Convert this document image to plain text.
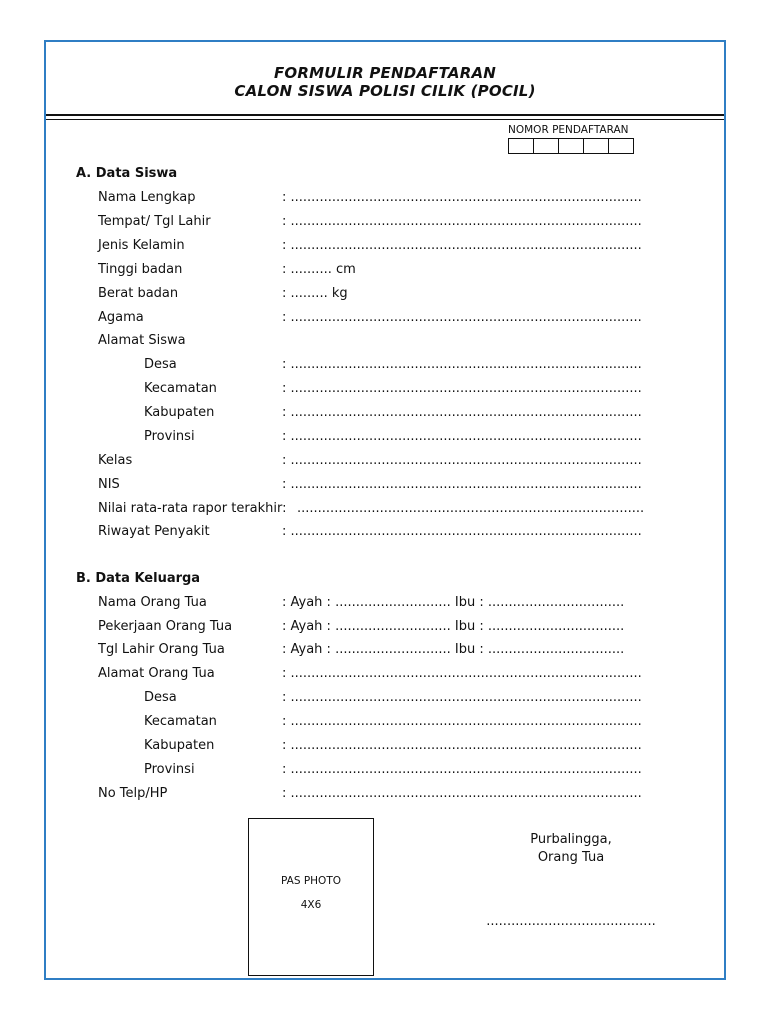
FORMULIR PENDAFTARAN
CALON SISWA POLISI CILIK (POCIL)
NOMOR PENDAFTARAN
A. Data Siswa
Nama Lengkap	: .....................................................................................
Tempat/ Tgl Lahir	: .....................................................................................
Jenis Kelamin	: .....................................................................................
Tinggi badan	: .......... cm
Berat badan	: ......... kg
Agama	: .....................................................................................
Alamat Siswa
Desa	: .....................................................................................
Kecamatan	: .....................................................................................
Kabupaten	: .....................................................................................
Provinsi	: .....................................................................................
Kelas	: .....................................................................................
NIS	: .....................................................................................
Nilai rata-rata rapor terakhir: ....................................................................................
Riwayat Penyakit	: .....................................................................................
B. Data Keluarga
Nama Orang Tua	: Ayah : ............................ Ibu : .................................
Pekerjaan Orang Tua	: Ayah : ............................ Ibu : .................................
Tgl Lahir Orang Tua	: Ayah : ............................ Ibu : .................................
Alamat Orang Tua	: .....................................................................................
Desa	: .....................................................................................
Kecamatan	: .....................................................................................
Kabupaten	: .....................................................................................
Provinsi	: .....................................................................................
No Telp/HP	: .....................................................................................
PAS PHOTO
4X6
Purbalingga,
Orang Tua
.........................................
